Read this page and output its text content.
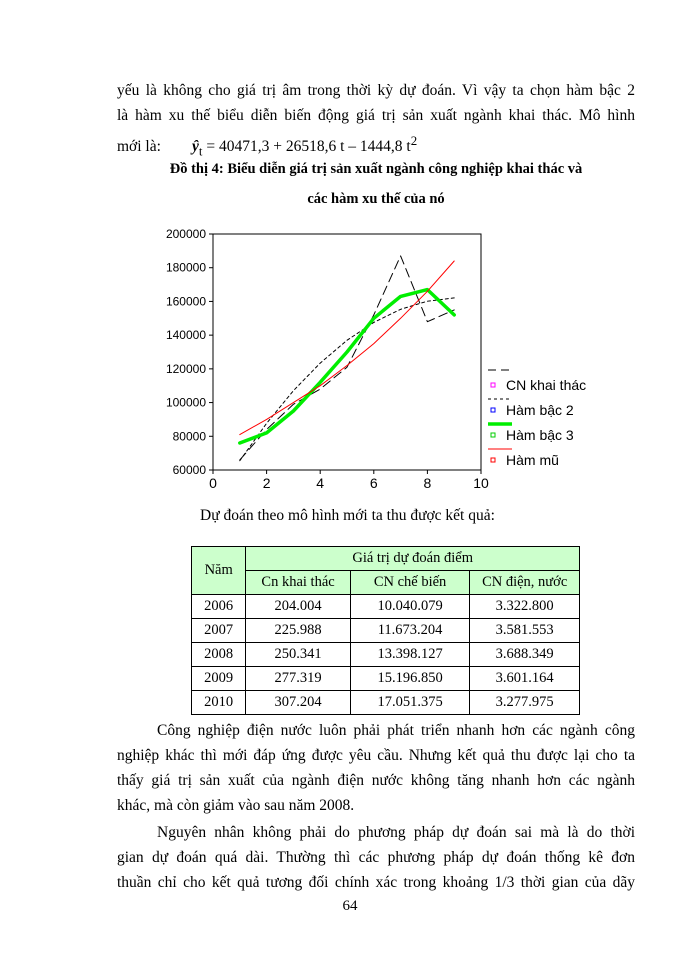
yếu là không cho giá trị âm trong thời kỳ dự đoán. Vì vậy ta chọn hàm bậc 2
là hàm xu thế biểu diễn biến động giá trị sản xuất ngành khai thác. Mô hình
mới là: $ŷ_t = 40471,3 + 26518,6$ t – 1444,8 $t^2$
Đồ thị 4: Biểu diễn giá trị sản xuất ngành công nghiệp khai thác và
các hàm xu thế của nó
60000
80000
100000
120000
140000
160000
180000
200000
0	2	4	6	8	10
CN khai thác
Hàm bậc 2
Hàm bậc 3
Hàm mũ
Dự đoán theo mô hình mới ta thu được kết quả:
Năm	Giá trị dự đoán điểm		
	Cn khai thác	CN chế biến	CN điện, nước
2006	204.004	10.040.079	3.322.800
2007	225.988	11.673.204	3.581.553
2008	250.341	13.398.127	3.688.349
2009	277.319	15.196.850	3.601.164
2010	307.204	17.051.375	3.277.975
Công nghiệp điện nước luôn phải phát triển nhanh hơn các ngành công
nghiệp khác thì mới đáp ứng được yêu cầu. Nhưng kết quả thu được lại cho ta
thấy giá trị sản xuất của ngành điện nước không tăng nhanh hơn các ngành
khác, mà còn giảm vào sau năm 2008.
Nguyên nhân không phải do phương pháp dự đoán sai mà là do thời
gian dự đoán quá dài. Thường thì các phương pháp dự đoán thống kê đơn
thuần chỉ cho kết quả tương đối chính xác trong khoảng 1/3 thời gian của dãy
64
